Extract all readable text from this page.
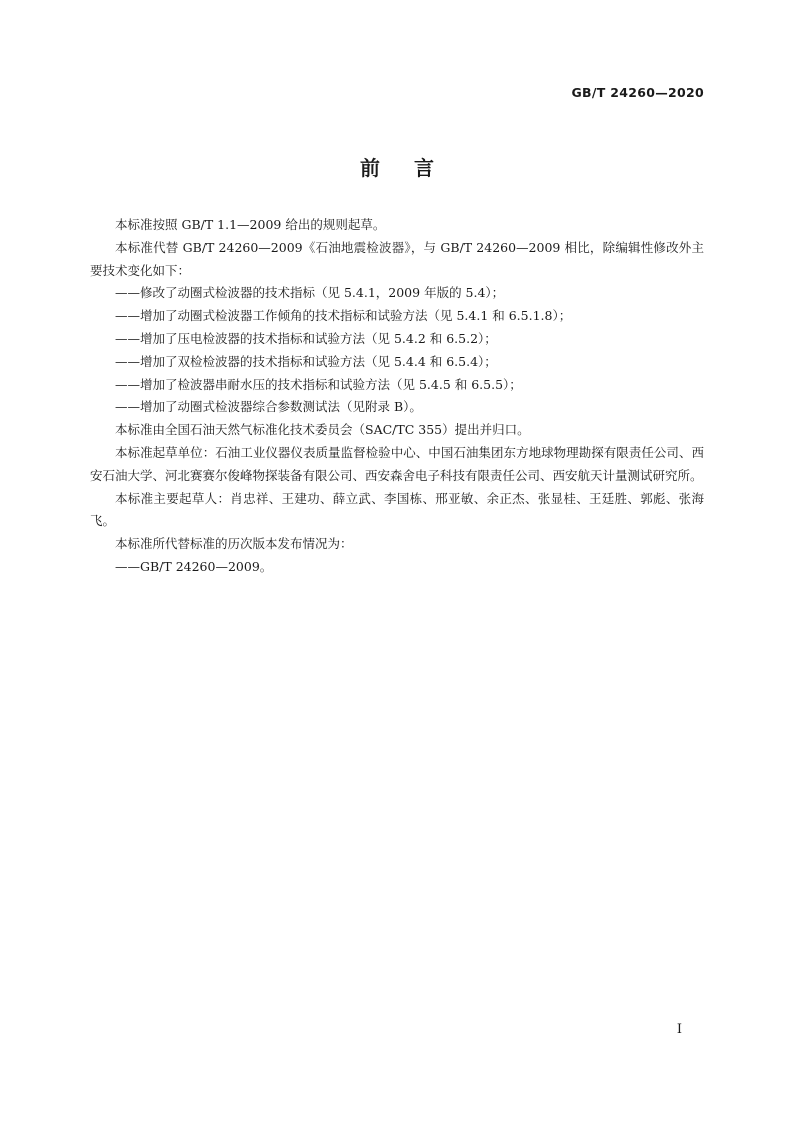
GB/T 24260—2020
前言

本标准按照 GB/T 1.1—2009 给出的规则起草。

本标准代替 GB/T 24260—2009《石油地震检波器》，与 GB/T 24260—2009 相比，除编辑性修改外主要技术变化如下：

——修改了动圈式检波器的技术指标（见 5.4.1，2009 年版的 5.4）；

——增加了动圈式检波器工作倾角的技术指标和试验方法（见 5.4.1 和 6.5.1.8）；

——增加了压电检波器的技术指标和试验方法（见 5.4.2 和 6.5.2）；

——增加了双检检波器的技术指标和试验方法（见 5.4.4 和 6.5.4）；

——增加了检波器串耐水压的技术指标和试验方法（见 5.4.5 和 6.5.5）；

——增加了动圈式检波器综合参数测试法（见附录 B）。

本标准由全国石油天然气标准化技术委员会（SAC/TC 355）提出并归口。

本标准起草单位：石油工业仪器仪表质量监督检验中心、中国石油集团东方地球物理勘探有限责任公司、西安石油大学、河北赛赛尔俊峰物探装备有限公司、西安森舍电子科技有限责任公司、西安航天计量测试研究所。

本标准主要起草人：肖忠祥、王建功、薛立武、李国栋、邢亚敏、余正杰、张显桂、王廷胜、郭彪、张海飞。

本标准所代替标准的历次版本发布情况为：

——GB/T 24260—2009。

I
